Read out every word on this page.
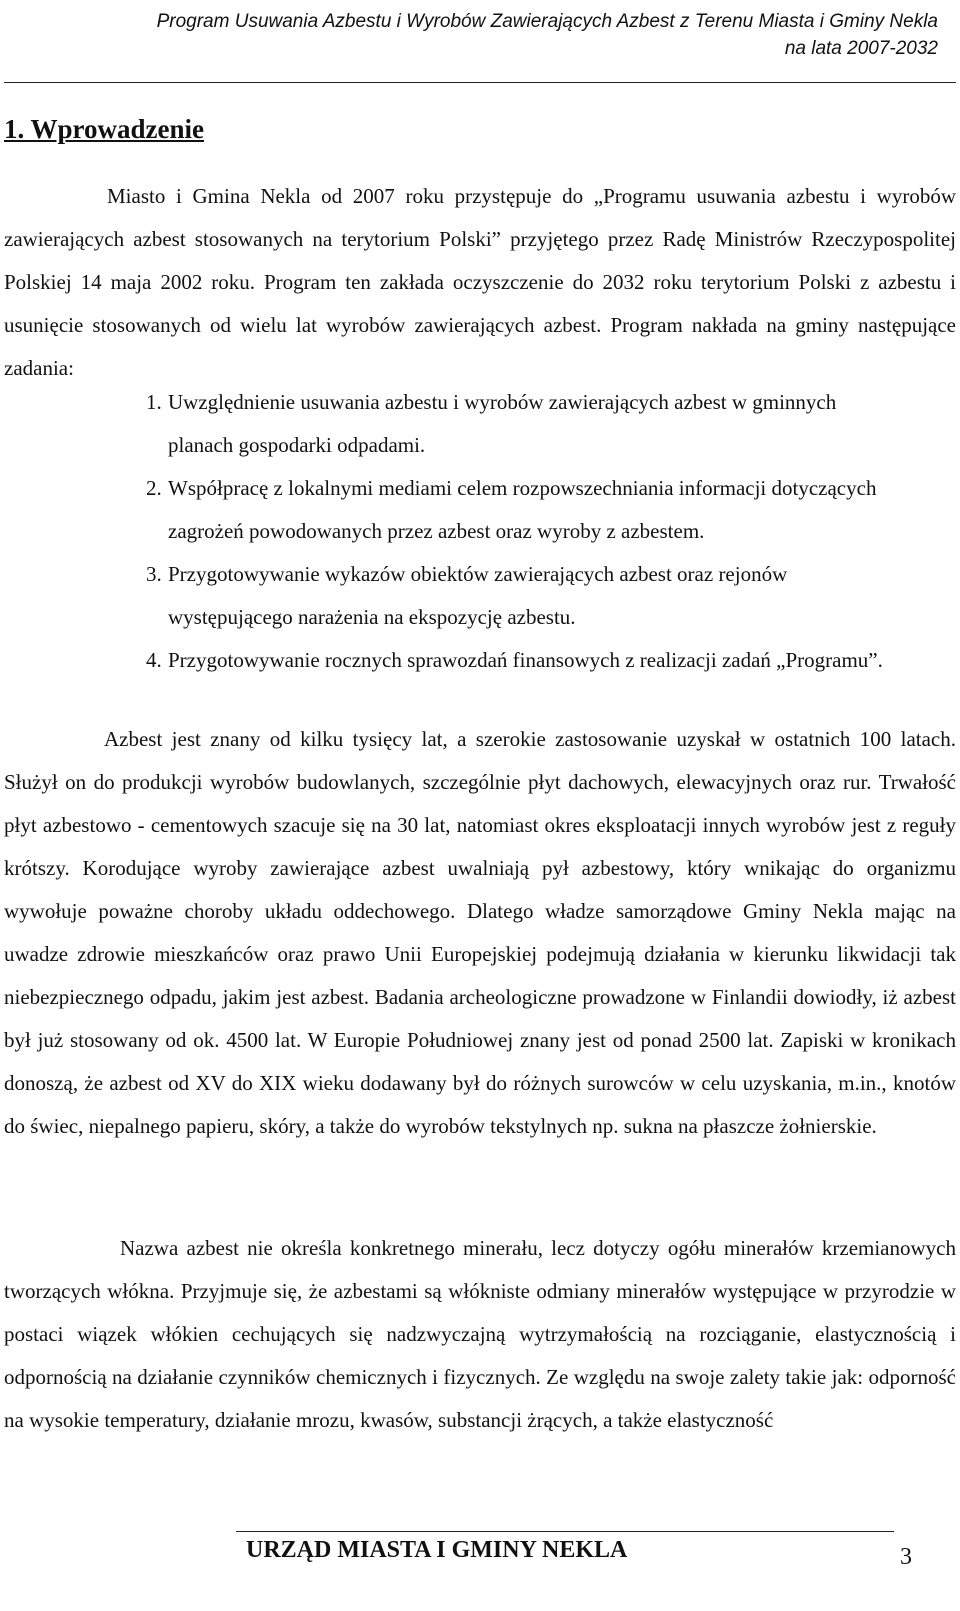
Program Usuwania Azbestu i Wyrobów Zawierających Azbest z Terenu Miasta i Gminy Nekla
na lata 2007-2032
1. Wprowadzenie

Miasto i Gmina Nekla od 2007 roku przystępuje do „Programu usuwania azbestu i wyrobów zawierających azbest stosowanych na terytorium Polski” przyjętego przez Radę Ministrów Rzeczypospolitej Polskiej 14 maja 2002 roku. Program ten zakłada oczyszczenie do 2032 roku terytorium Polski z azbestu i usunięcie stosowanych od wielu lat wyrobów zawierających azbest. Program nakłada na gminy następujące zadania:

1. Uwzględnienie usuwania azbestu i wyrobów zawierających azbest w gminnych planach gospodarki odpadami.
2. Współpracę z lokalnymi mediami celem rozpowszechniania informacji dotyczących zagrożeń powodowanych przez azbest oraz wyroby z azbestem.
3. Przygotowywanie wykazów obiektów zawierających azbest oraz rejonów występującego narażenia na ekspozycję azbestu.
4. Przygotowywanie rocznych sprawozdań finansowych z realizacji zadań „Programu”.

Azbest jest znany od kilku tysięcy lat, a szerokie zastosowanie uzyskał w ostatnich 100 latach. Służył on do produkcji wyrobów budowlanych, szczególnie płyt dachowych, elewacyjnych oraz rur. Trwałość płyt azbestowo - cementowych szacuje się na 30 lat, natomiast okres eksploatacji innych wyrobów jest z reguły krótszy. Korodujące wyroby zawierające azbest uwalniają pył azbestowy, który wnikając do organizmu wywołuje poważne choroby układu oddechowego. Dlatego władze samorządowe Gminy Nekla mając na uwadze zdrowie mieszkańców oraz prawo Unii Europejskiej podejmują działania w kierunku likwidacji tak niebezpiecznego odpadu, jakim jest azbest. Badania archeologiczne prowadzone w Finlandii dowiodły, iż azbest był już stosowany od ok. 4500 lat. W Europie Południowej znany jest od ponad 2500 lat. Zapiski w kronikach donoszą, że azbest od XV do XIX wieku dodawany był do różnych surowców w celu uzyskania, m.in., knotów do świec, niepalnego papieru, skóry, a także do wyrobów tekstylnych np. sukna na płaszcze żołnierskie.

Nazwa azbest nie określa konkretnego minerału, lecz dotyczy ogółu minerałów krzemianowych tworzących włókna. Przyjmuje się, że azbestami są włókniste odmiany minerałów występujące w przyrodzie w postaci wiązek włókien cechujących się nadzwyczajną wytrzymałością na rozciąganie, elastycznością i odpornością na działanie czynników chemicznych i fizycznych. Ze względu na swoje zalety takie jak: odporność na wysokie temperatury, działanie mrozu, kwasów, substancji żrących, a także elastyczność

URZĄD MIASTA I GMINY NEKLA	3
